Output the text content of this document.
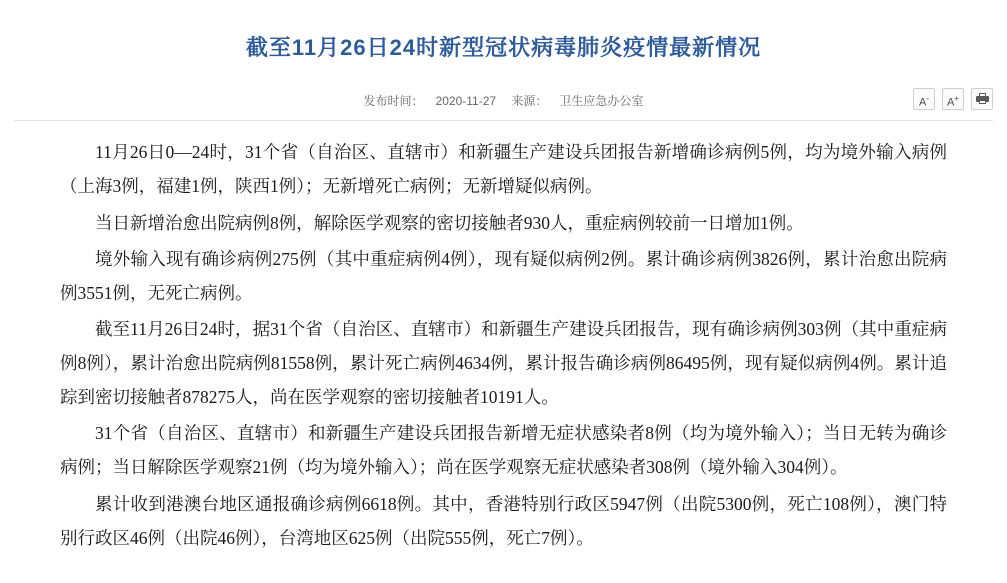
截至11月26日24时新型冠状病毒肺炎疫情最新情况
发布时间： 2020-11-27 来源： 卫生应急办公室	A-	A+

11月26日0—24时，31个省（自治区、直辖市）和新疆生产建设兵团报告新增确诊病例5例，均为境外输入病例（上海3例，福建1例，陕西1例）；无新增死亡病例；无新增疑似病例。

当日新增治愈出院病例8例，解除医学观察的密切接触者930人，重症病例较前一日增加1例。

境外输入现有确诊病例275例（其中重症病例4例），现有疑似病例2例。累计确诊病例3826例，累计治愈出院病例3551例，无死亡病例。

截至11月26日24时，据31个省（自治区、直辖市）和新疆生产建设兵团报告，现有确诊病例303例（其中重症病例8例），累计治愈出院病例81558例，累计死亡病例4634例，累计报告确诊病例86495例，现有疑似病例4例。累计追踪到密切接触者878275人，尚在医学观察的密切接触者10191人。

31个省（自治区、直辖市）和新疆生产建设兵团报告新增无症状感染者8例（均为境外输入）；当日无转为确诊病例；当日解除医学观察21例（均为境外输入）；尚在医学观察无症状感染者308例（境外输入304例）。

累计收到港澳台地区通报确诊病例6618例。其中，香港特别行政区5947例（出院5300例，死亡108例），澳门特别行政区46例（出院46例），台湾地区625例（出院555例，死亡7例）。
